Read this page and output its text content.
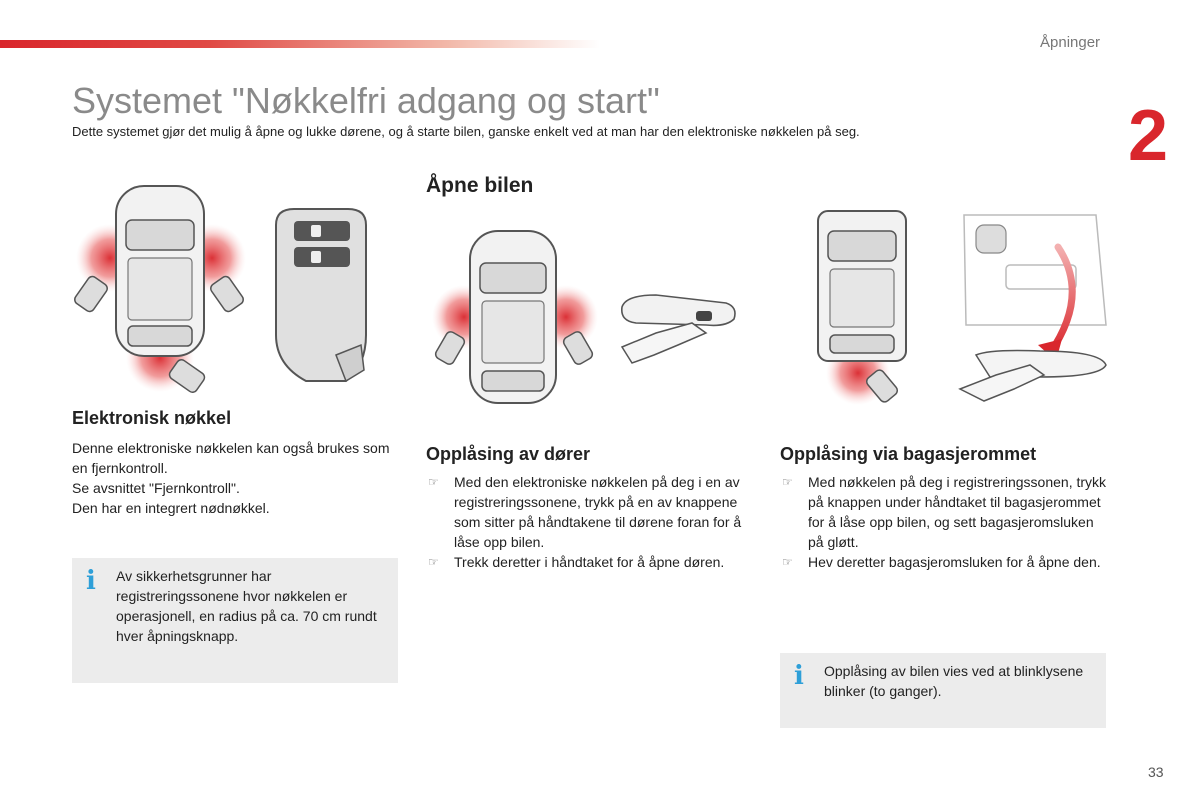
Åpninger
2
Systemet "Nøkkelfri adgang og start"
Dette systemet gjør det mulig å åpne og lukke dørene, og å starte bilen, ganske enkelt ved at man har den elektroniske nøkkelen på seg.
Elektronisk nøkkel

Denne elektroniske nøkkelen kan også brukes som en fjernkontroll.

Se avsnittet "Fjernkontroll".

Den har en integrert nødnøkkel.

i Av sikkerhetsgrunner har registreringssonene hvor nøkkelen er operasjonell, en radius på ca. 70 cm rundt hver åpningsknapp.
Åpne bilen
Opplåsing av dører
☞ Med den elektroniske nøkkelen på deg i en av registreringssonene, trykk på en av knappene som sitter på håndtakene til dørene foran for å låse opp bilen.
☞ Trekk deretter i håndtaket for å åpne døren.
Opplåsing via bagasjerommet
☞ Med nøkkelen på deg i registreringssonen, trykk på knappen under håndtaket til bagasjerommet for å låse opp bilen, og sett bagasjeromsluken på gløtt.
☞ Hev deretter bagasjeromsluken for å åpne den.
i Opplåsing av bilen vies ved at blinklysene blinker (to ganger).
33
